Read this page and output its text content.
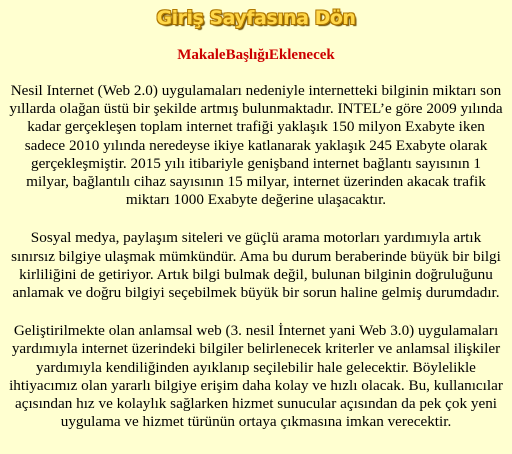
Giriş Sayfasına Dön
MakaleBaşlığıEklenecek

Nesil Internet (Web 2.0) uygulamaları nedeniyle internetteki bilginin miktarı son yıllarda olağan üstü bir şekilde artmış bulunmaktadır. INTEL’e göre 2009 yılında kadar gerçekleşen toplam internet trafiği yaklaşık 150 milyon Exabyte iken sadece 2010 yılında neredeyse ikiye katlanarak yaklaşık 245 Exabyte olarak gerçekleşmiştir. 2015 yılı itibariyle genişband internet bağlantı sayısının 1 milyar, bağlantılı cihaz sayısının 15 milyar, internet üzerinden akacak trafik miktarı 1000 Exabyte değerine ulaşacaktır.

Sosyal medya, paylaşım siteleri ve güçlü arama motorları yardımıyla artık sınırsız bilgiye ulaşmak mümkündür. Ama bu durum beraberinde büyük bir bilgi kirliliğini de getiriyor. Artık bilgi bulmak değil, bulunan bilginin doğruluğunu anlamak ve doğru bilgiyi seçebilmek büyük bir sorun haline gelmiş durumdadır.

Geliştirilmekte olan anlamsal web (3. nesil İnternet yani Web 3.0) uygulamaları yardımıyla internet üzerindeki bilgiler belirlenecek kriterler ve anlamsal ilişkiler yardımıyla kendiliğinden ayıklanıp seçilebilir hale gelecektir. Böylelikle ihtiyacımız olan yararlı bilgiye erişim daha kolay ve hızlı olacak. Bu, kullanıcılar açısından hız ve kolaylık sağlarken hizmet sunucular açısından da pek çok yeni uygulama ve hizmet türünün ortaya çıkmasına imkan verecektir.
